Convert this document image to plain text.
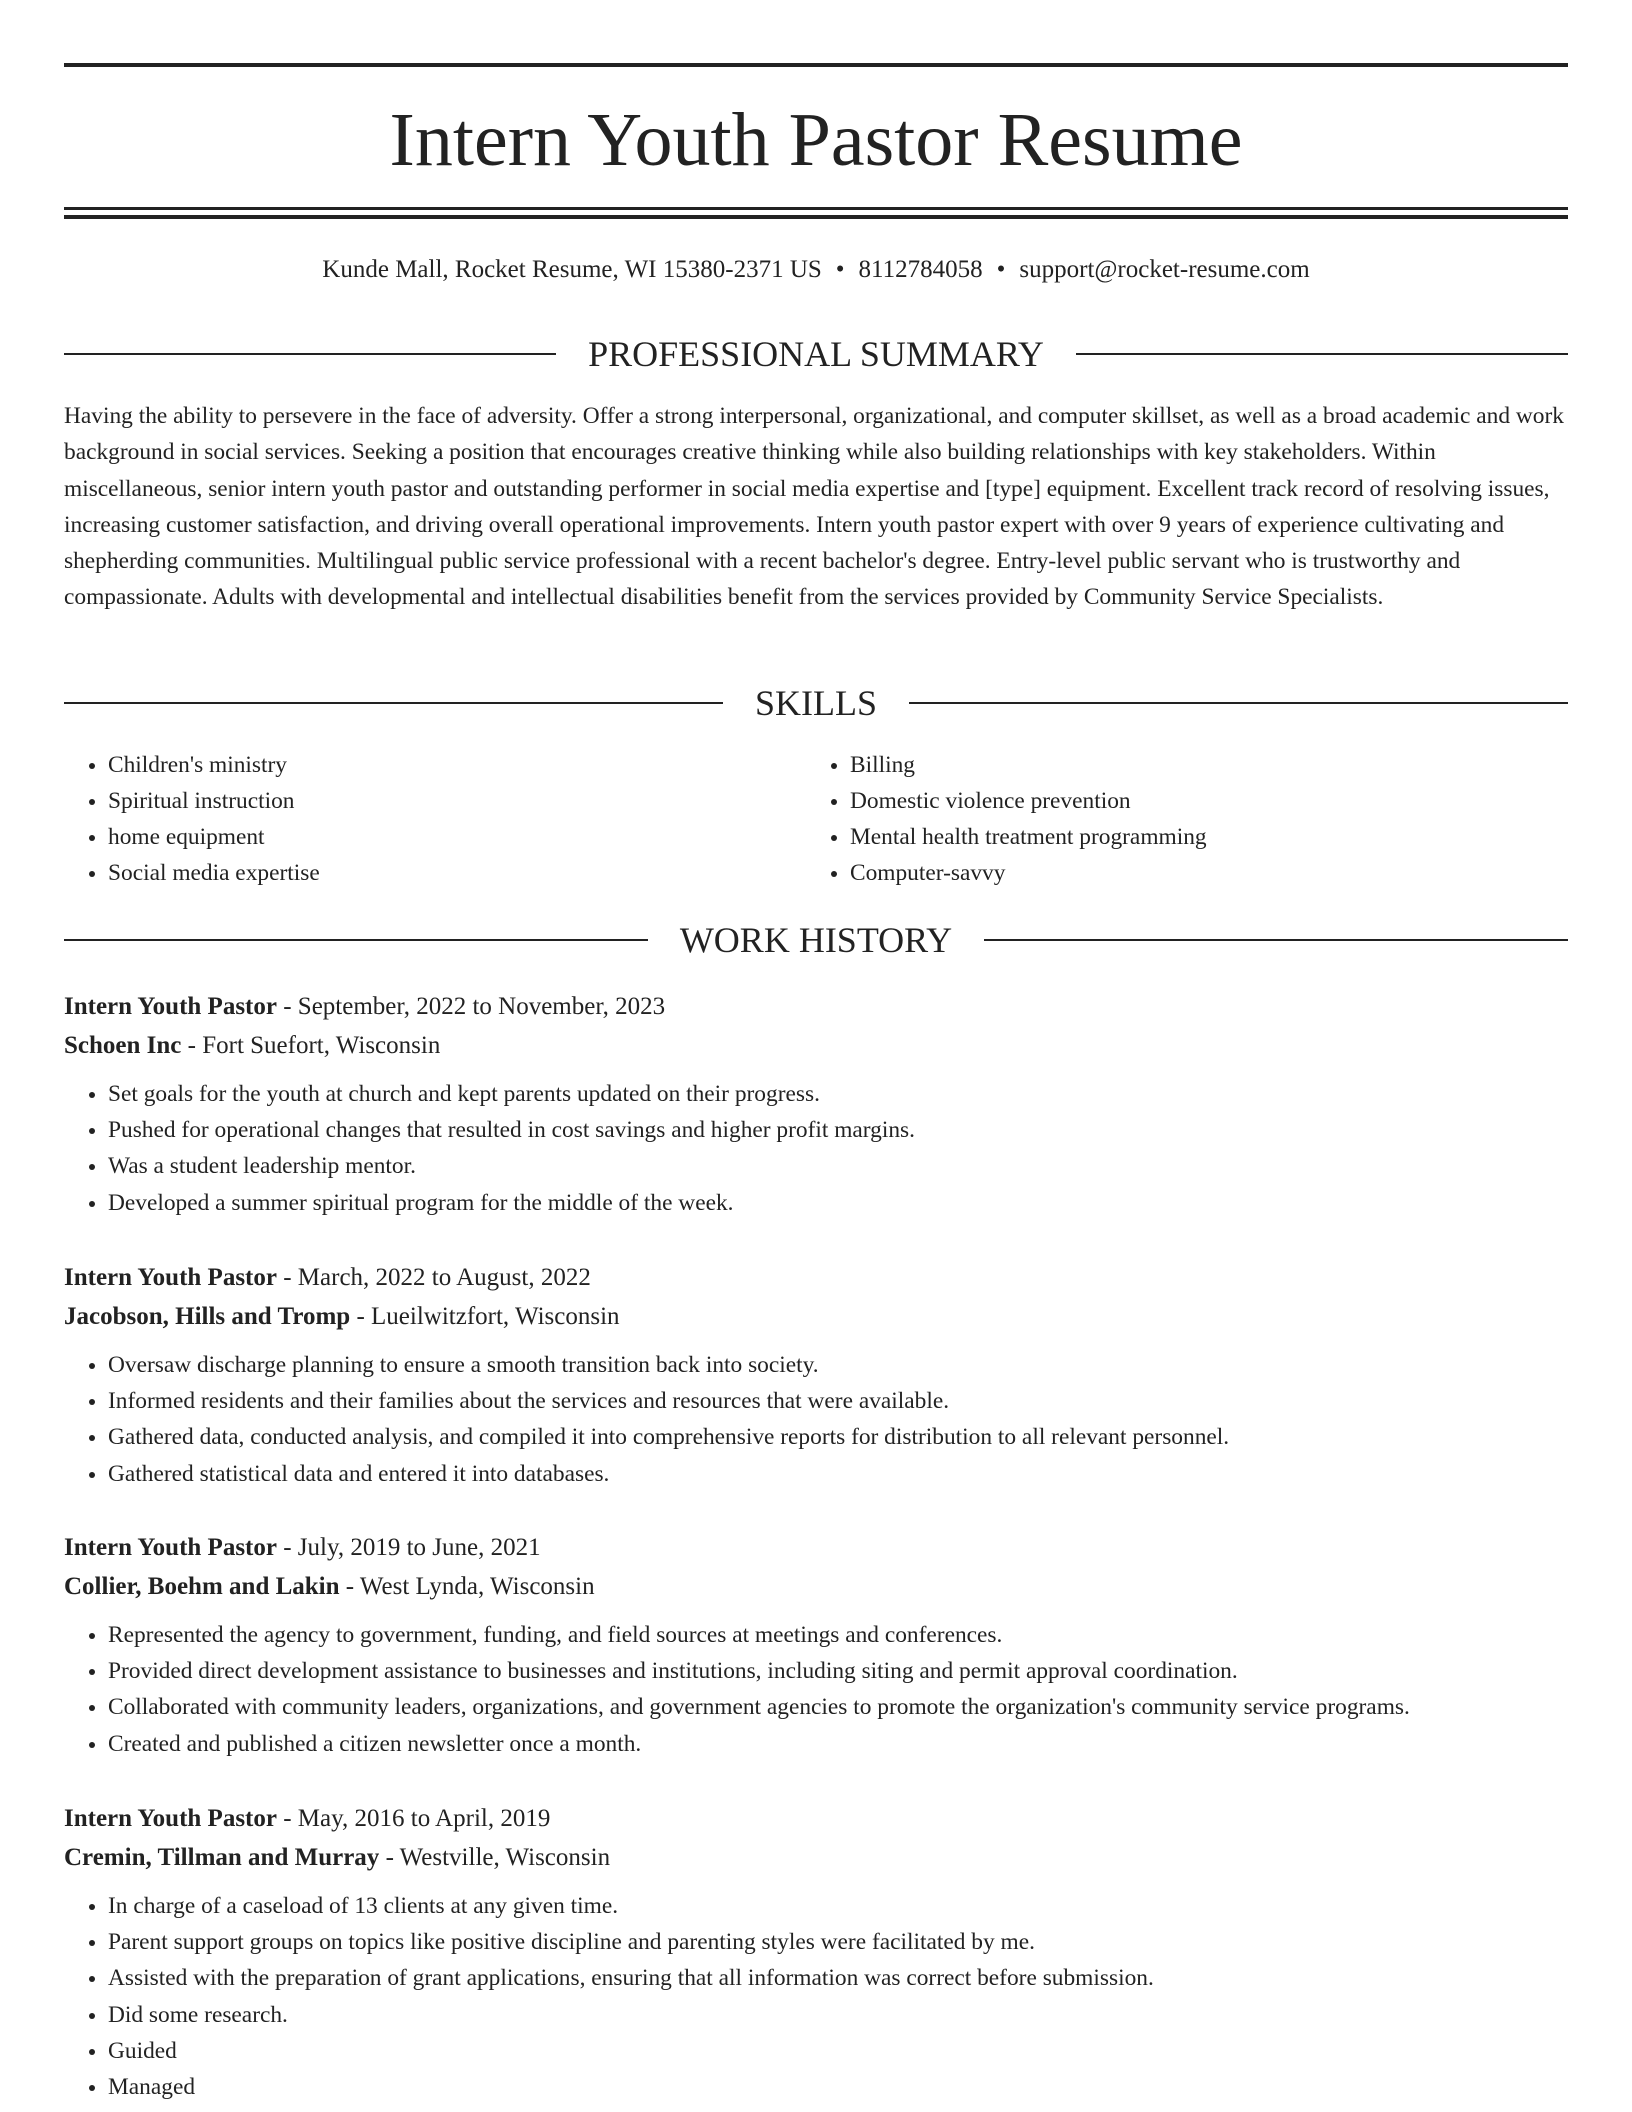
Intern Youth Pastor Resume
Kunde Mall, Rocket Resume, WI 15380-2371 US • 8112784058 • support@rocket-resume.com
PROFESSIONAL SUMMARY

Having the ability to persevere in the face of adversity. Offer a strong interpersonal, organizational, and computer skillset, as well as a broad academic and work background in social services. Seeking a position that encourages creative thinking while also building relationships with key stakeholders. Within miscellaneous, senior intern youth pastor and outstanding performer in social media expertise and [type] equipment. Excellent track record of resolving issues, increasing customer satisfaction, and driving overall operational improvements. Intern youth pastor expert with over 9 years of experience cultivating and shepherding communities. Multilingual public service professional with a recent bachelor's degree. Entry-level public servant who is trustworthy and compassionate. Adults with developmental and intellectual disabilities benefit from the services provided by Community Service Specialists.

SKILLS
• Children's ministry
• Spiritual instruction
• home equipment
• Social media expertise
• Billing
• Domestic violence prevention
• Mental health treatment programming
• Computer-savvy
WORK HISTORY
Intern Youth Pastor - September, 2022 to November, 2023
Schoen Inc - Fort Suefort, Wisconsin
• Set goals for the youth at church and kept parents updated on their progress.
• Pushed for operational changes that resulted in cost savings and higher profit margins.
• Was a student leadership mentor.
• Developed a summer spiritual program for the middle of the week.
Intern Youth Pastor - March, 2022 to August, 2022
Jacobson, Hills and Tromp - Lueilwitzfort, Wisconsin
• Oversaw discharge planning to ensure a smooth transition back into society.
• Informed residents and their families about the services and resources that were available.
• Gathered data, conducted analysis, and compiled it into comprehensive reports for distribution to all relevant personnel.
• Gathered statistical data and entered it into databases.
Intern Youth Pastor - July, 2019 to June, 2021
Collier, Boehm and Lakin - West Lynda, Wisconsin
• Represented the agency to government, funding, and field sources at meetings and conferences.
• Provided direct development assistance to businesses and institutions, including siting and permit approval coordination.
• Collaborated with community leaders, organizations, and government agencies to promote the organization's community service programs.
• Created and published a citizen newsletter once a month.
Intern Youth Pastor - May, 2016 to April, 2019
Cremin, Tillman and Murray - Westville, Wisconsin
• In charge of a caseload of 13 clients at any given time.
• Parent support groups on topics like positive discipline and parenting styles were facilitated by me.
• Assisted with the preparation of grant applications, ensuring that all information was correct before submission.
• Did some research.
• Guided
• Managed
